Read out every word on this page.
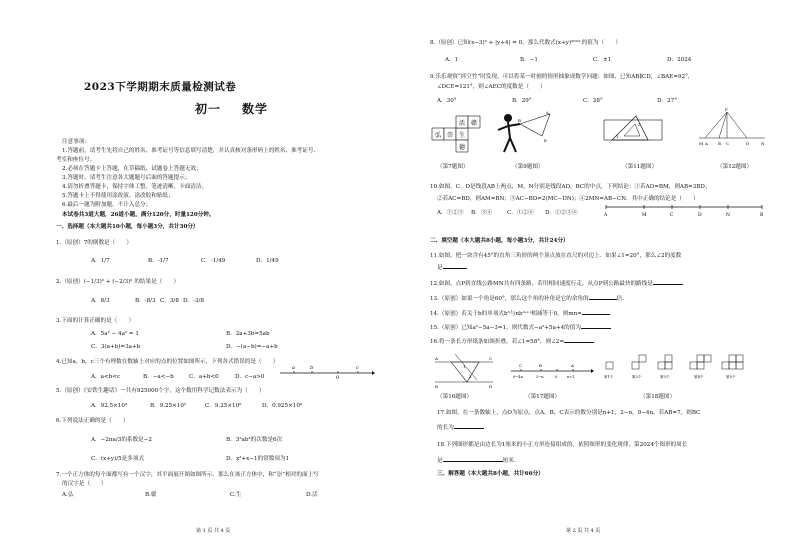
2023下学期期末质量检测试卷
初一 数学
注意事项:
1.答题前，请考生先将自己的姓名、准考证号等信息填写清楚，并认真核对条形码上的姓名、准考证号、
考室和座位号；
2.必须在答题卡上答题，在草稿纸、试题卷上答题无效；
3.答题时，请考生注意各大题题号后面的答题提示；
4.请勿折叠答题卡，保持字体工整、笔迹清晰、卡面清洁；
5.答题卡上不得使用涂改液、涂改胶和贴纸；
6.最后一题为附加题，不计入总分；
本试卷共3道大题，26道小题，满分120分，时量120分钟。
一、选择题（本大题共10小题，每小题3分，共计30分）
1.（原创）7的倒数是（　　）
A．1/7	B．-1/7	C．-1/49	D．1/49
2.（原创）(−1/3)² + (−2/3)² 的结果是（　　）
A．8/3	B．-8/3 C．3/8 D．-3/8
3.下面的计算正确的是（　　）
A．5a² − 4a² = 1	B．2a+3b=5ab
C．3(a+b)=3a+b	D．−(a−b)=−a+b
4.已知a，b，c三个有理数在数轴上对应的点的位置如图所示，下列各式错误的是（　　）
A．a<b<c	B．−a<−b	C．a+b<0	D．c−a>0
a	b
0
c
5.（原创）《安铁生趣话》一共有925000个字，这个数用科学记数法表示为（　　）
A．92.5×10⁴	B．9.25×10⁵	C．9.25×10⁶	D．0.925×10⁶
6.下列说法正确的是（　　）
A．−2πa/3的系数是−2	B．3²ab³的次数是6次
C．(x+y)/5是多项式	D．x²+x−1的常数项为1
7.一个正方体的每个面都写有一个汉字，其平面展开图如图所示，那么在该正方体中，和“崇”相对的面上写
的汉字是（　　）
A.弘	B.赣	C.生	D.活
第 1 页 共 4 页
8.（原创）已知(x−3)² + |y+4| = 0，那么代数式(x+y)²⁰²⁴ 的值为（　　）
A．1	B．−1	C．±1	D．2024
9.乐乐观察“抖空竹”时发现，可以将某一时刻的情形抽象成数学问题：如图，已知AB∥CD，∠BAE=92°，
∠DCE=121°，则∠AEC的度数是（　　）
A．30°	B．29°	C．28°	D．27°
弘 崇 生
活 赣
德
A
B
E
1
2
P
M A	B C	D	N
（第7题图）	（第9题图）	（第11题图）	（第12题图）
10.如图，C，D是线段AB上两点，M，N分别是线段AD，BC的中点，下列结论：①若AD=BM，则AB=3BD；
②若AC=BD，则AM=BN；③AC−BD=2(MC−DN)；④2MN=AB−CN．其中正确的结论是（　　）
A．①②③ B．③④	C．①②④ D．①②③④	A	M	C	D	N	B
二、填空题（本大题共8小题，每小题3分，共计24分）
11.如图，把一块含有45°的直角三角形的两个顶点放在直尺的对边上．如果∠1=20°，那么∠2的度数
是
12.如图，点P到直线公路MN共有四条路，若用相同速度行走，从点P到公路最快的路线是
13.（原创）如果一个角是60°，那么这个角的补角是它的余角的	倍．
14.（原创）若关于b的单项式b³与nbᵐ⁺¹相减等于0，则mn=
15.（原创）已知a²−5a−3=1，则代数式−a²+5a+4的值为
16.将一条长方形纸条如图折叠，若∠1=58°，则∠2=
A
B
C
D
1
2
C	B	A
9−4n	2−n	0	n+1	第1个	第2个	第3个	第4个	第5个
（第16题图）	（第17题图）	（第18题图）
17.如图，在一条数轴上，点O为原点，点A，B，C表示的数分别是n+1，2−n，9−4n，若AB=7，则BC
的长为
18.下列图形都是由边长为1厘米的小正方形连接组成的，依照图形的变化规律，第2024个图形的周长
是	厘米．
三、解答题（本大题共8小题，共计66分）
第 2 页 共 4 页
